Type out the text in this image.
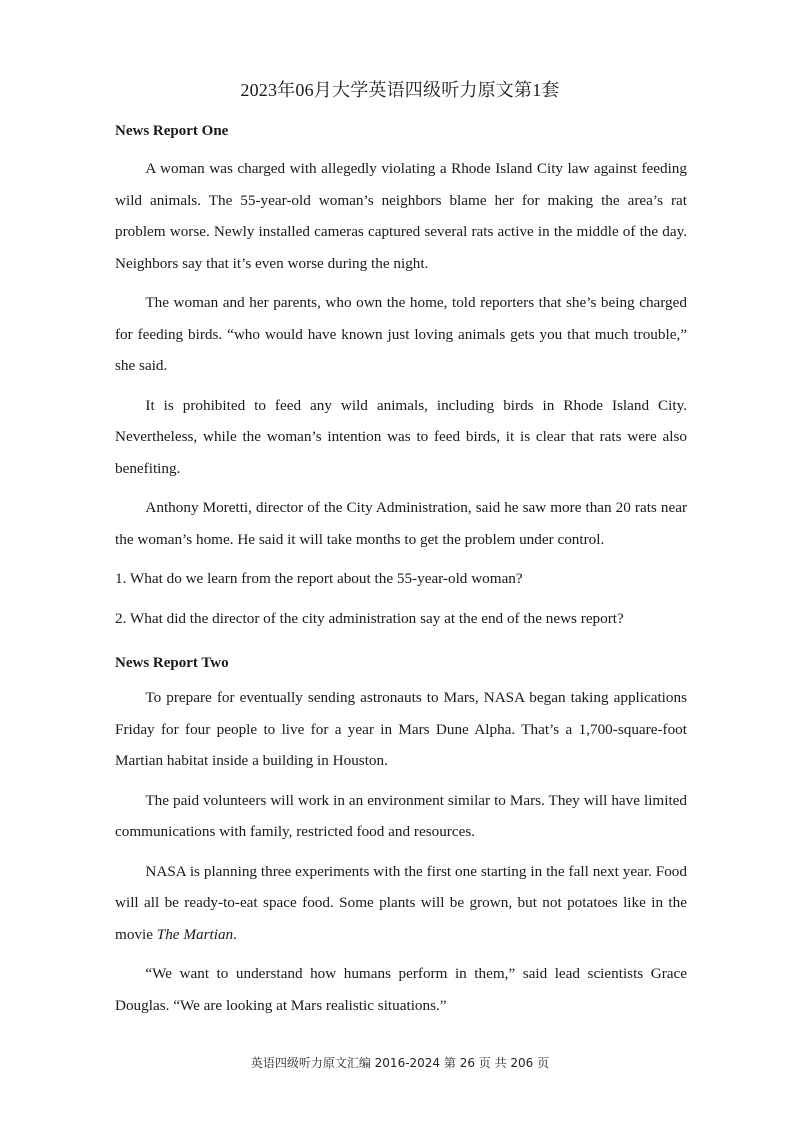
2023年06月大学英语四级听力原文第1套

News Report One

A woman was charged with allegedly violating a Rhode Island City law against feeding wild animals. The 55-year-old woman’s neighbors blame her for making the area’s rat problem worse. Newly installed cameras captured several rats active in the middle of the day. Neighbors say that it’s even worse during the night.

The woman and her parents, who own the home, told reporters that she’s being charged for feeding birds. “who would have known just loving animals gets you that much trouble,” she said.

It is prohibited to feed any wild animals, including birds in Rhode Island City. Nevertheless, while the woman’s intention was to feed birds, it is clear that rats were also benefiting.

Anthony Moretti, director of the City Administration, said he saw more than 20 rats near the woman’s home. He said it will take months to get the problem under control.

1. What do we learn from the report about the 55-year-old woman?

2. What did the director of the city administration say at the end of the news report?

News Report Two

To prepare for eventually sending astronauts to Mars, NASA began taking applications Friday for four people to live for a year in Mars Dune Alpha. That’s a 1,700-square-foot Martian habitat inside a building in Houston.

The paid volunteers will work in an environment similar to Mars. They will have limited communications with family, restricted food and resources.

NASA is planning three experiments with the first one starting in the fall next year. Food will all be ready-to-eat space food. Some plants will be grown, but not potatoes like in the movie The Martian.

“We want to understand how humans perform in them,” said lead scientists Grace Douglas. “We are looking at Mars realistic situations.”

英语四级听力原文汇编 2016-2024 第 26 页 共 206 页
